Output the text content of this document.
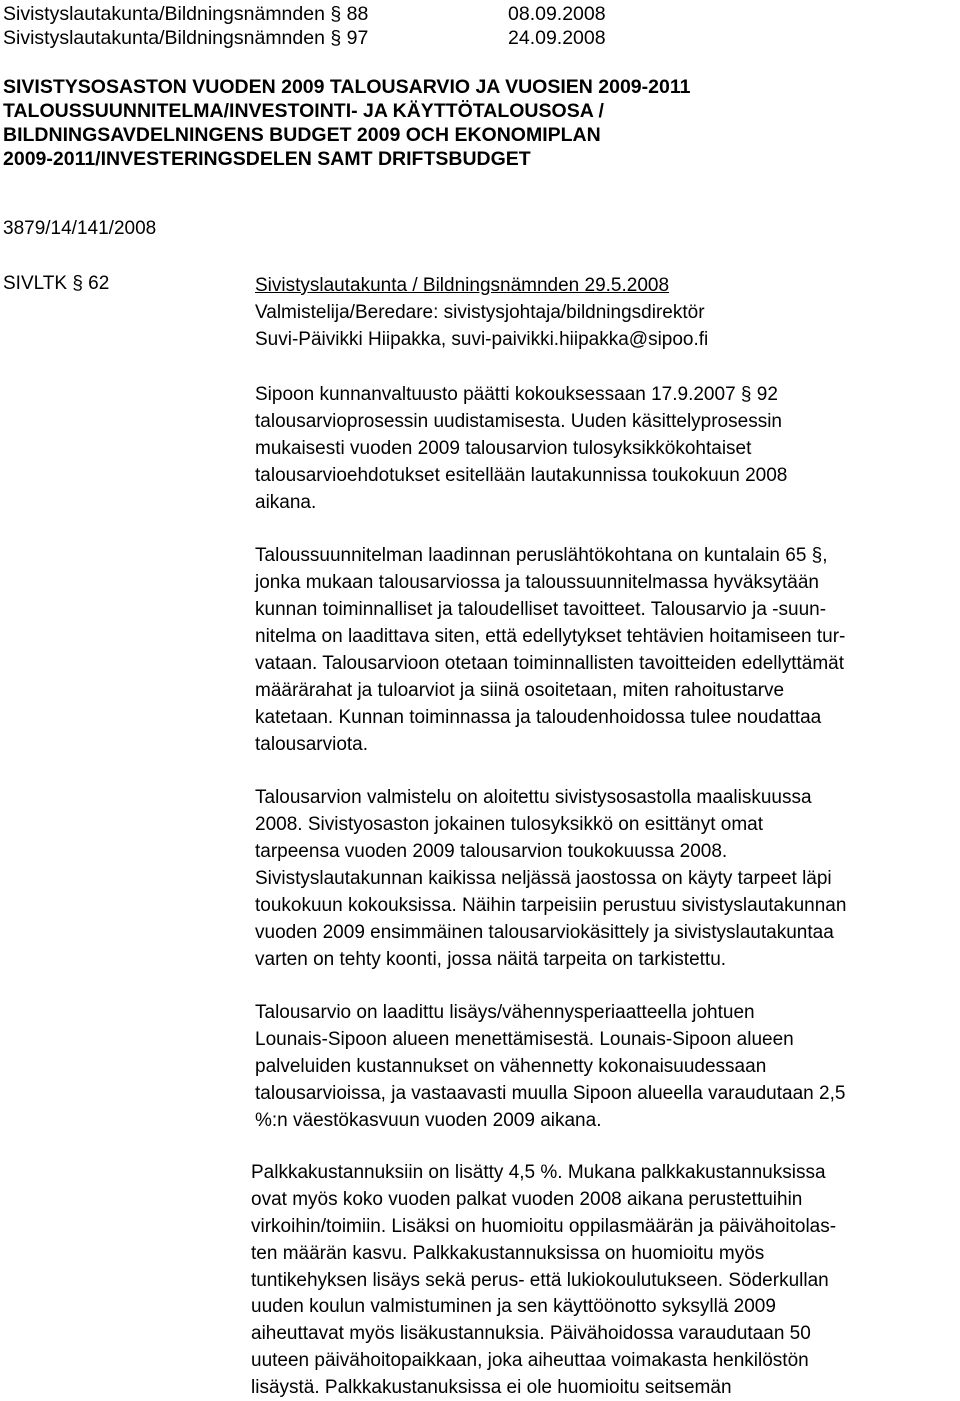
Sivistyslautakunta/Bildningsnämnden § 88	08.09.2008
Sivistyslautakunta/Bildningsnämnden § 97	24.09.2008
SIVISTYSOSASTON VUODEN 2009 TALOUSARVIO JA VUOSIEN 2009-2011
TALOUSSUUNNITELMA/INVESTOINTI- JA KÄYTTÖTALOUSOSA /
BILDNINGSAVDELNINGENS BUDGET 2009 OCH EKONOMIPLAN
2009-2011/INVESTERINGSDELEN SAMT DRIFTSBUDGET
3879/14/141/2008
SIVLTK § 62	Sivistyslautakunta / Bildningsnämnden 29.5.2008
Valmistelija/Beredare: sivistysjohtaja/bildningsdirektör
Suvi-Päivikki Hiipakka, suvi-paivikki.hiipakka@sipoo.fi
Sipoon kunnanvaltuusto päätti kokouksessaan 17.9.2007 § 92
talousarvioprosessin uudistamisesta. Uuden käsittelyprosessin
mukaisesti vuoden 2009 talousarvion tulosyksikkökohtaiset
talousarvioehdotukset esitellään lautakunnissa toukokuun 2008
aikana.
Taloussuunnitelman laadinnan peruslähtökohtana on kuntalain 65 §,
jonka mukaan talousarviossa ja taloussuunnitelmassa hyväksytään
kunnan toiminnalliset ja taloudelliset tavoitteet. Talousarvio ja -suun-
nitelma on laadittava siten, että edellytykset tehtävien hoitamiseen tur-
vataan. Talousarvioon otetaan toiminnallisten tavoitteiden edellyttämät
määrärahat ja tuloarviot ja siinä osoitetaan, miten rahoitustarve
katetaan. Kunnan toiminnassa ja taloudenhoidossa tulee noudattaa
talousarviota.
Talousarvion valmistelu on aloitettu sivistysosastolla maaliskuussa
2008. Sivistyosaston jokainen tulosyksikkö on esittänyt omat
tarpeensa vuoden 2009 talousarvion toukokuussa 2008.
Sivistyslautakunnan kaikissa neljässä jaostossa on käyty tarpeet läpi
toukokuun kokouksissa. Näihin tarpeisiin perustuu sivistyslautakunnan
vuoden 2009 ensimmäinen talousarviokäsittely ja sivistyslautakuntaa
varten on tehty koonti, jossa näitä tarpeita on tarkistettu.
Talousarvio on laadittu lisäys/vähennysperiaatteella johtuen
Lounais-Sipoon alueen menettämisestä. Lounais-Sipoon alueen
palveluiden kustannukset on vähennetty kokonaisuudessaan
talousarvioissa, ja vastaavasti muulla Sipoon alueella varaudutaan 2,5
%:n väestökasvuun vuoden 2009 aikana.
Palkkakustannuksiin on lisätty 4,5 %. Mukana palkkakustannuksissa
ovat myös koko vuoden palkat vuoden 2008 aikana perustettuihin
virkoihin/toimiin. Lisäksi on huomioitu oppilasmäärän ja päivähoitolas-
ten määrän kasvu. Palkkakustannuksissa on huomioitu myös
tuntikehyksen lisäys sekä perus- että lukiokoulutukseen. Söderkullan
uuden koulun valmistuminen ja sen käyttöönotto syksyllä 2009
aiheuttavat myös lisäkustannuksia. Päivähoidossa varaudutaan 50
uuteen päivähoitopaikkaan, joka aiheuttaa voimakasta henkilöstön
lisäystä. Palkkakustanuksissa ei ole huomioitu seitsemän
